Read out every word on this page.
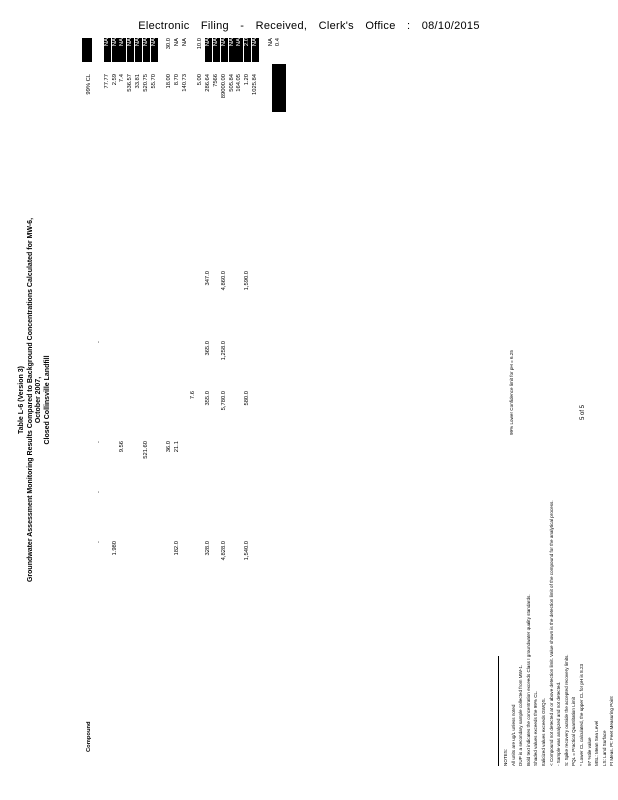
Electronic Filing - Received, Clerk's Office : 08/10/2015
Table L-6 (Version 3) Groundwater Assessment Monitoring Results Compared to Background Concentrations Calculated for MW-6, October 2007, Closed Collinsville Landfill
Compound
99% CL
-
-
-
-
77.77
NA
1.980
2.59
NA
9.56
7.4
NA
536.57
NA
33.81
NA
521.60
520.75
NA
55.70
NA
36.0
18.00
30.0
182.0
21.1
8.70
NA
140.73
NA
7.6
5.00
10.0
328.0
355.0
365.0
347.0
286.64
NA
7566
NA
4,828.0
5,780.0
1,258.0
4,860.0
89000.00
NA
505.84
NA
164.05
NA
1,540.0
580.0
1,590.0
1.20
2.0
1025.84
NA NA 0.4
NOTES: All units are ug/L unless noted DUP is a secondary sample collected from MW-1. Bold text indicates the concentration exceeds Class I groundwater quality standards. Shaded values exceeds the 99% CL. Italicized values exceeds GWQS. < Compound not detected at or above detection limit. Value shown is the detection limit of the compound for the analytical process. - Sample was analyzed and not detected. S: Spike recovery outside the accepted recovery limits. PQL = Practical Quantitation Limit * Lower CL calculated, the upper CL for pH is 8.23 97 %tile value MSL: Mean Sea Level LS: Land Surface Ft Meas. Pt: Feet Measuring Point
99% Lower Confidence limit for pH = 6.25	5 of 5
